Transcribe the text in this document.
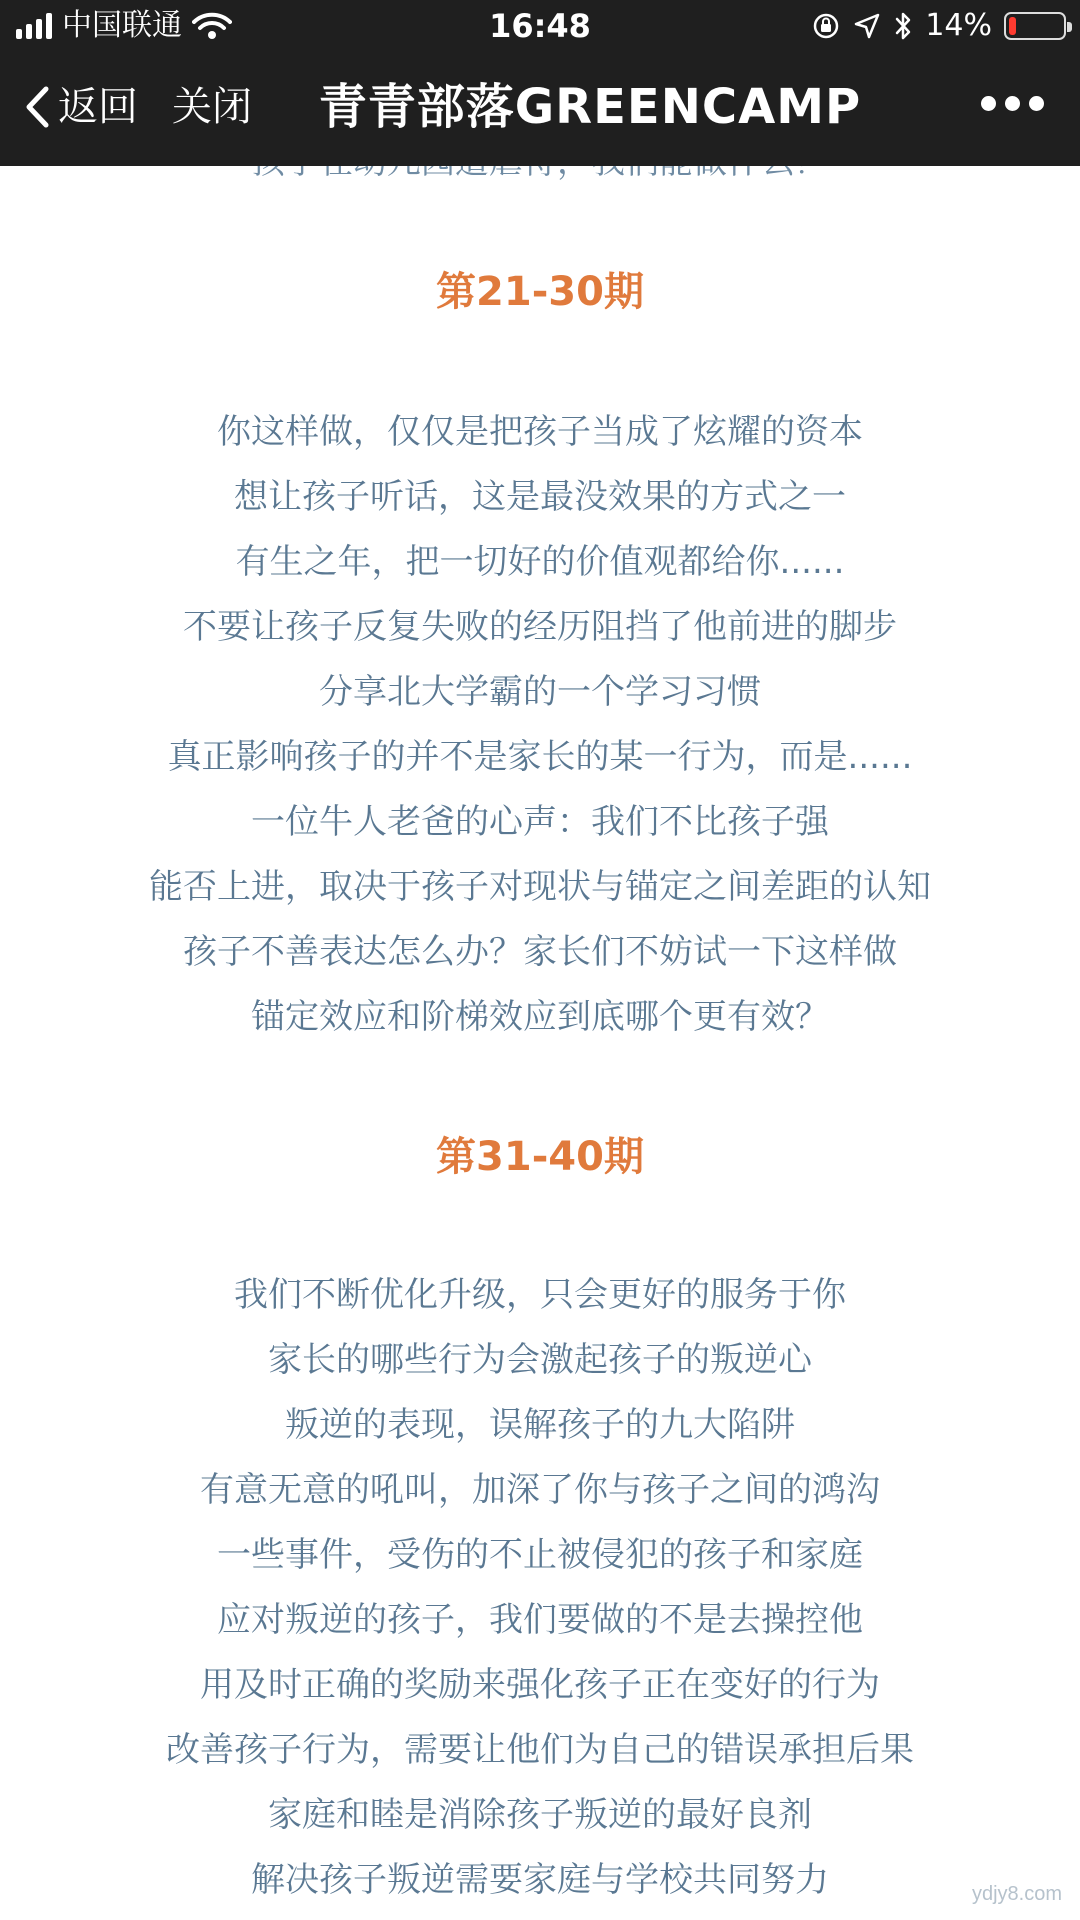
第21-30期
你这样做，仅仅是把孩子当成了炫耀的资本
想让孩子听话，这是最没效果的方式之一
有生之年，把一切好的价值观都给你......
不要让孩子反复失败的经历阻挡了他前进的脚步
分享北大学霸的一个学习习惯
真正影响孩子的并不是家长的某一行为，而是......
一位牛人老爸的心声：我们不比孩子强
能否上进，取决于孩子对现状与锚定之间差距的认知
孩子不善表达怎么办？家长们不妨试一下这样做
锚定效应和阶梯效应到底哪个更有效？
第31-40期
我们不断优化升级，只会更好的服务于你
家长的哪些行为会激起孩子的叛逆心
叛逆的表现，误解孩子的九大陷阱
有意无意的吼叫，加深了你与孩子之间的鸿沟
一些事件，受伤的不止被侵犯的孩子和家庭
应对叛逆的孩子，我们要做的不是去操控他
用及时正确的奖励来强化孩子正在变好的行为
改善孩子行为，需要让他们为自己的错误承担后果
家庭和睦是消除孩子叛逆的最好良剂
解决孩子叛逆需要家庭与学校共同努力	ydjy8.com
中国联通	16:48	14%
返回 关闭	青青部落GREENCAMP
